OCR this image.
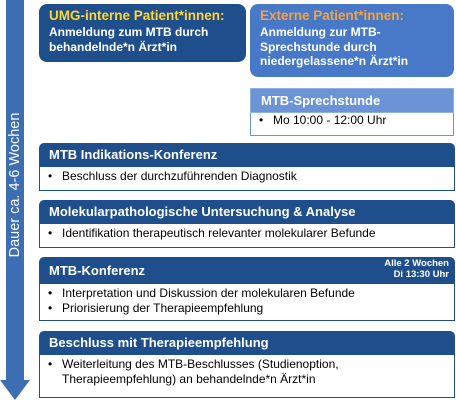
Dauer ca. 4-6 Wochen
UMG-interne Patient*innen:
Anmeldung zum MTB durch behandelnde*n Ärzt*in
Externe Patient*innen:
Anmeldung zur MTB-Sprechstunde durch niedergelassene*n Ärzt*in
MTB-Sprechstunde
• Mo 10:00 - 12:00 Uhr
MTB Indikations-Konferenz
• Beschluss der durchzuführenden Diagnostik
Molekularpathologische Untersuchung & Analyse
• Identifikation therapeutisch relevanter molekularer Befunde
MTB-Konferenz	Alle 2 Wochen
Di 13:30 Uhr
• Interpretation und Diskussion der molekularen Befunde
• Priorisierung der Therapieempfehlung
Beschluss mit Therapieempfehlung
• Weiterleitung des MTB-Beschlusses (Studienoption, Therapieempfehlung) an behandelnde*n Ärzt*in
